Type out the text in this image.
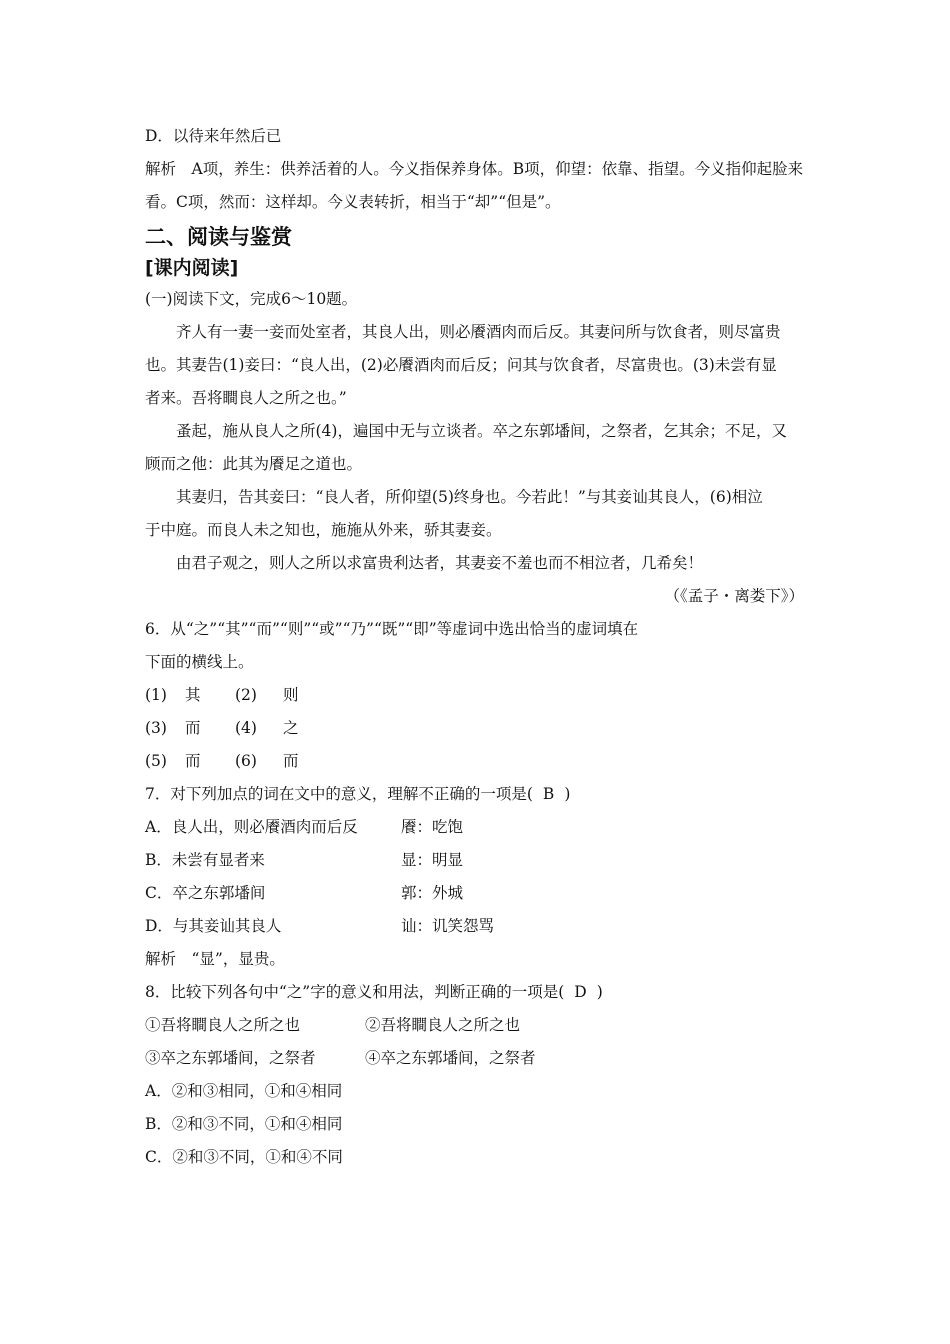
D．以待来年然后已
解析　A项，养生：供养活着的人。今义指保养身体。B项，仰望：依靠、指望。今义指仰起脸来
看。C项，然而：这样却。今义表转折，相当于“却”“但是”。
二、阅读与鉴赏
[课内阅读]
(一)阅读下文，完成6～10题。
齐人有一妻一妾而处室者，其良人出，则必餍酒肉而后反。其妻问所与饮食者，则尽富贵
也。其妻告(1)妾曰：“良人出，(2)必餍酒肉而后反；问其与饮食者，尽富贵也。(3)未尝有显
者来。吾将瞷良人之所之也。”
蚤起，施从良人之所(4)，遍国中无与立谈者。卒之东郭墦间，之祭者，乞其余；不足，又
顾而之他：此其为餍足之道也。
其妻归，告其妾曰：“良人者，所仰望(5)终身也。今若此！”与其妾讪其良人，(6)相泣
于中庭。而良人未之知也，施施从外来，骄其妻妾。
由君子观之，则人之所以求富贵利达者，其妻妾不羞也而不相泣者，几希矣！
（《孟子・离娄下》）
6．从“之”“其”“而”“则”“或”“乃”“既”“即”等虚词中选出恰当的虚词填在
下面的横线上。
(1) 其 (2) 则
(3) 而 (4) 之
(5) 而 (6) 而
7．对下列加点的词在文中的意义，理解不正确的一项是( B )
A．良人出，则必餍酒肉而后反	餍：吃饱
B．未尝有显者来	显：明显
C．卒之东郭墦间	郭：外城
D．与其妾讪其良人	讪：讥笑怨骂
解析　“显”，显贵。
8．比较下列各句中“之”字的意义和用法，判断正确的一项是( D )
①吾将瞷良人之所之也	②吾将瞷良人之所之也
③卒之东郭墦间，之祭者	④卒之东郭墦间，之祭者
A．②和③相同，①和④相同
B．②和③不同，①和④相同
C．②和③不同，①和④不同
